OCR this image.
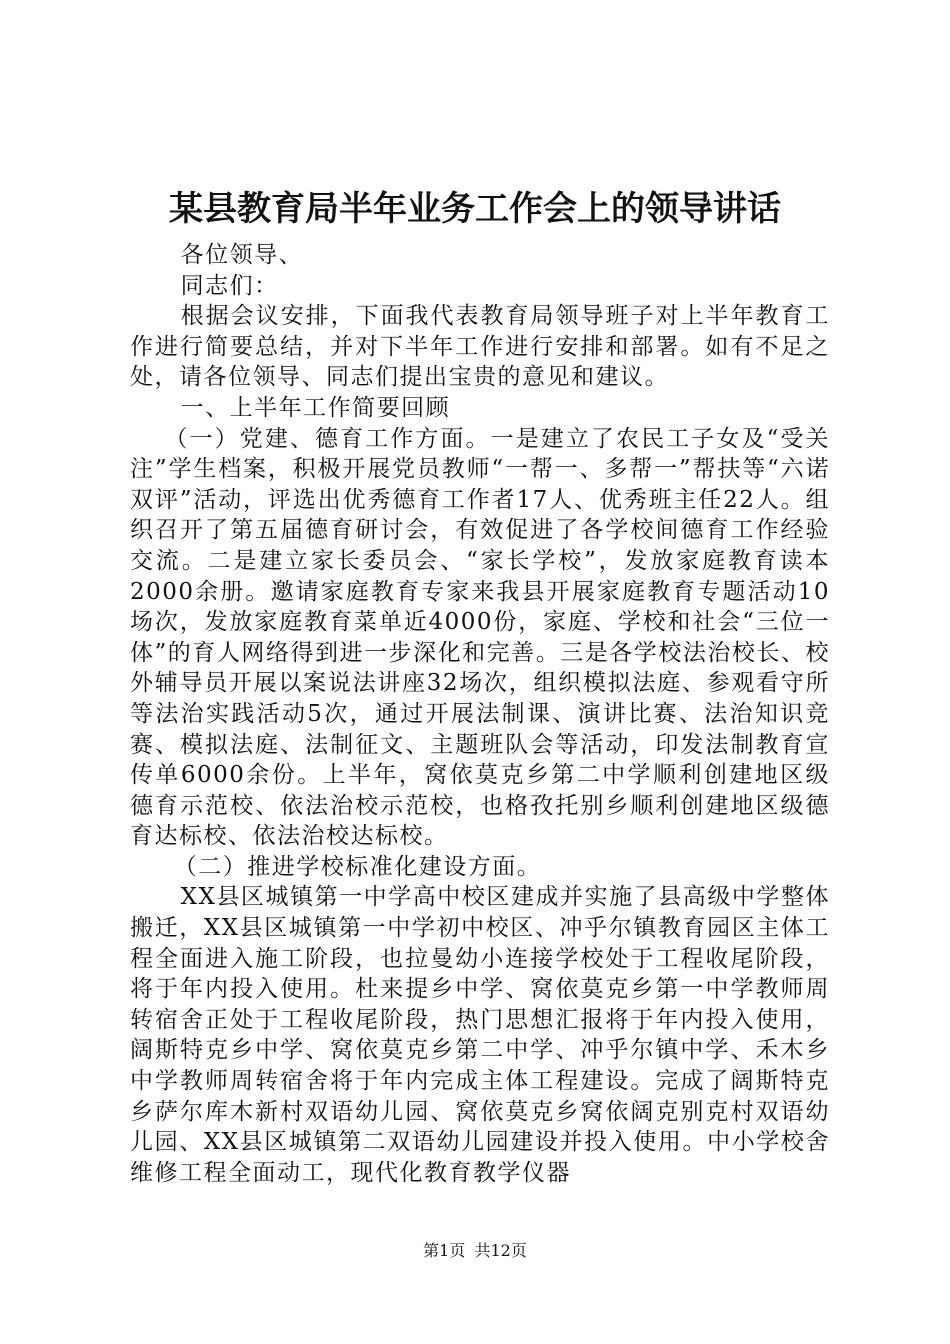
某县教育局半年业务工作会上的领导讲话

各位领导、

同志们：

根据会议安排，下面我代表教育局领导班子对上半年教育工作进行简要总结，并对下半年工作进行安排和部署。如有不足之处，请各位领导、同志们提出宝贵的意见和建议。

一、上半年工作简要回顾

（一）党建、德育工作方面。一是建立了农民工子女及“受关注”学生档案，积极开展党员教师“一帮一、多帮一”帮扶等“六诺双评”活动，评选出优秀德育工作者17人、优秀班主任22人。组织召开了第五届德育研讨会，有效促进了各学校间德育工作经验交流。二是建立家长委员会、“家长学校”，发放家庭教育读本2000余册。邀请家庭教育专家来我县开展家庭教育专题活动10场次，发放家庭教育菜单近4000份，家庭、学校和社会“三位一体”的育人网络得到进一步深化和完善。三是各学校法治校长、校外辅导员开展以案说法讲座32场次，组织模拟法庭、参观看守所等法治实践活动5次，通过开展法制课、演讲比赛、法治知识竞赛、模拟法庭、法制征文、主题班队会等活动，印发法制教育宣传单6000余份。上半年，窝依莫克乡第二中学顺利创建地区级德育示范校、依法治校示范校，也格孜托别乡顺利创建地区级德育达标校、依法治校达标校。

（二）推进学校标准化建设方面。

XX县区城镇第一中学高中校区建成并实施了县高级中学整体搬迁，XX县区城镇第一中学初中校区、冲乎尔镇教育园区主体工程全面进入施工阶段，也拉曼幼小连接学校处于工程收尾阶段，将于年内投入使用。杜来提乡中学、窝依莫克乡第一中学教师周转宿舍正处于工程收尾阶段，热门思想汇报将于年内投入使用，阔斯特克乡中学、窝依莫克乡第二中学、冲乎尔镇中学、禾木乡中学教师周转宿舍将于年内完成主体工程建设。完成了阔斯特克乡萨尔库木新村双语幼儿园、窝依莫克乡窝依阔克别克村双语幼儿园、XX县区城镇第二双语幼儿园建设并投入使用。中小学校舍维修工程全面动工，现代化教育教学仪器

第1页 共12页
